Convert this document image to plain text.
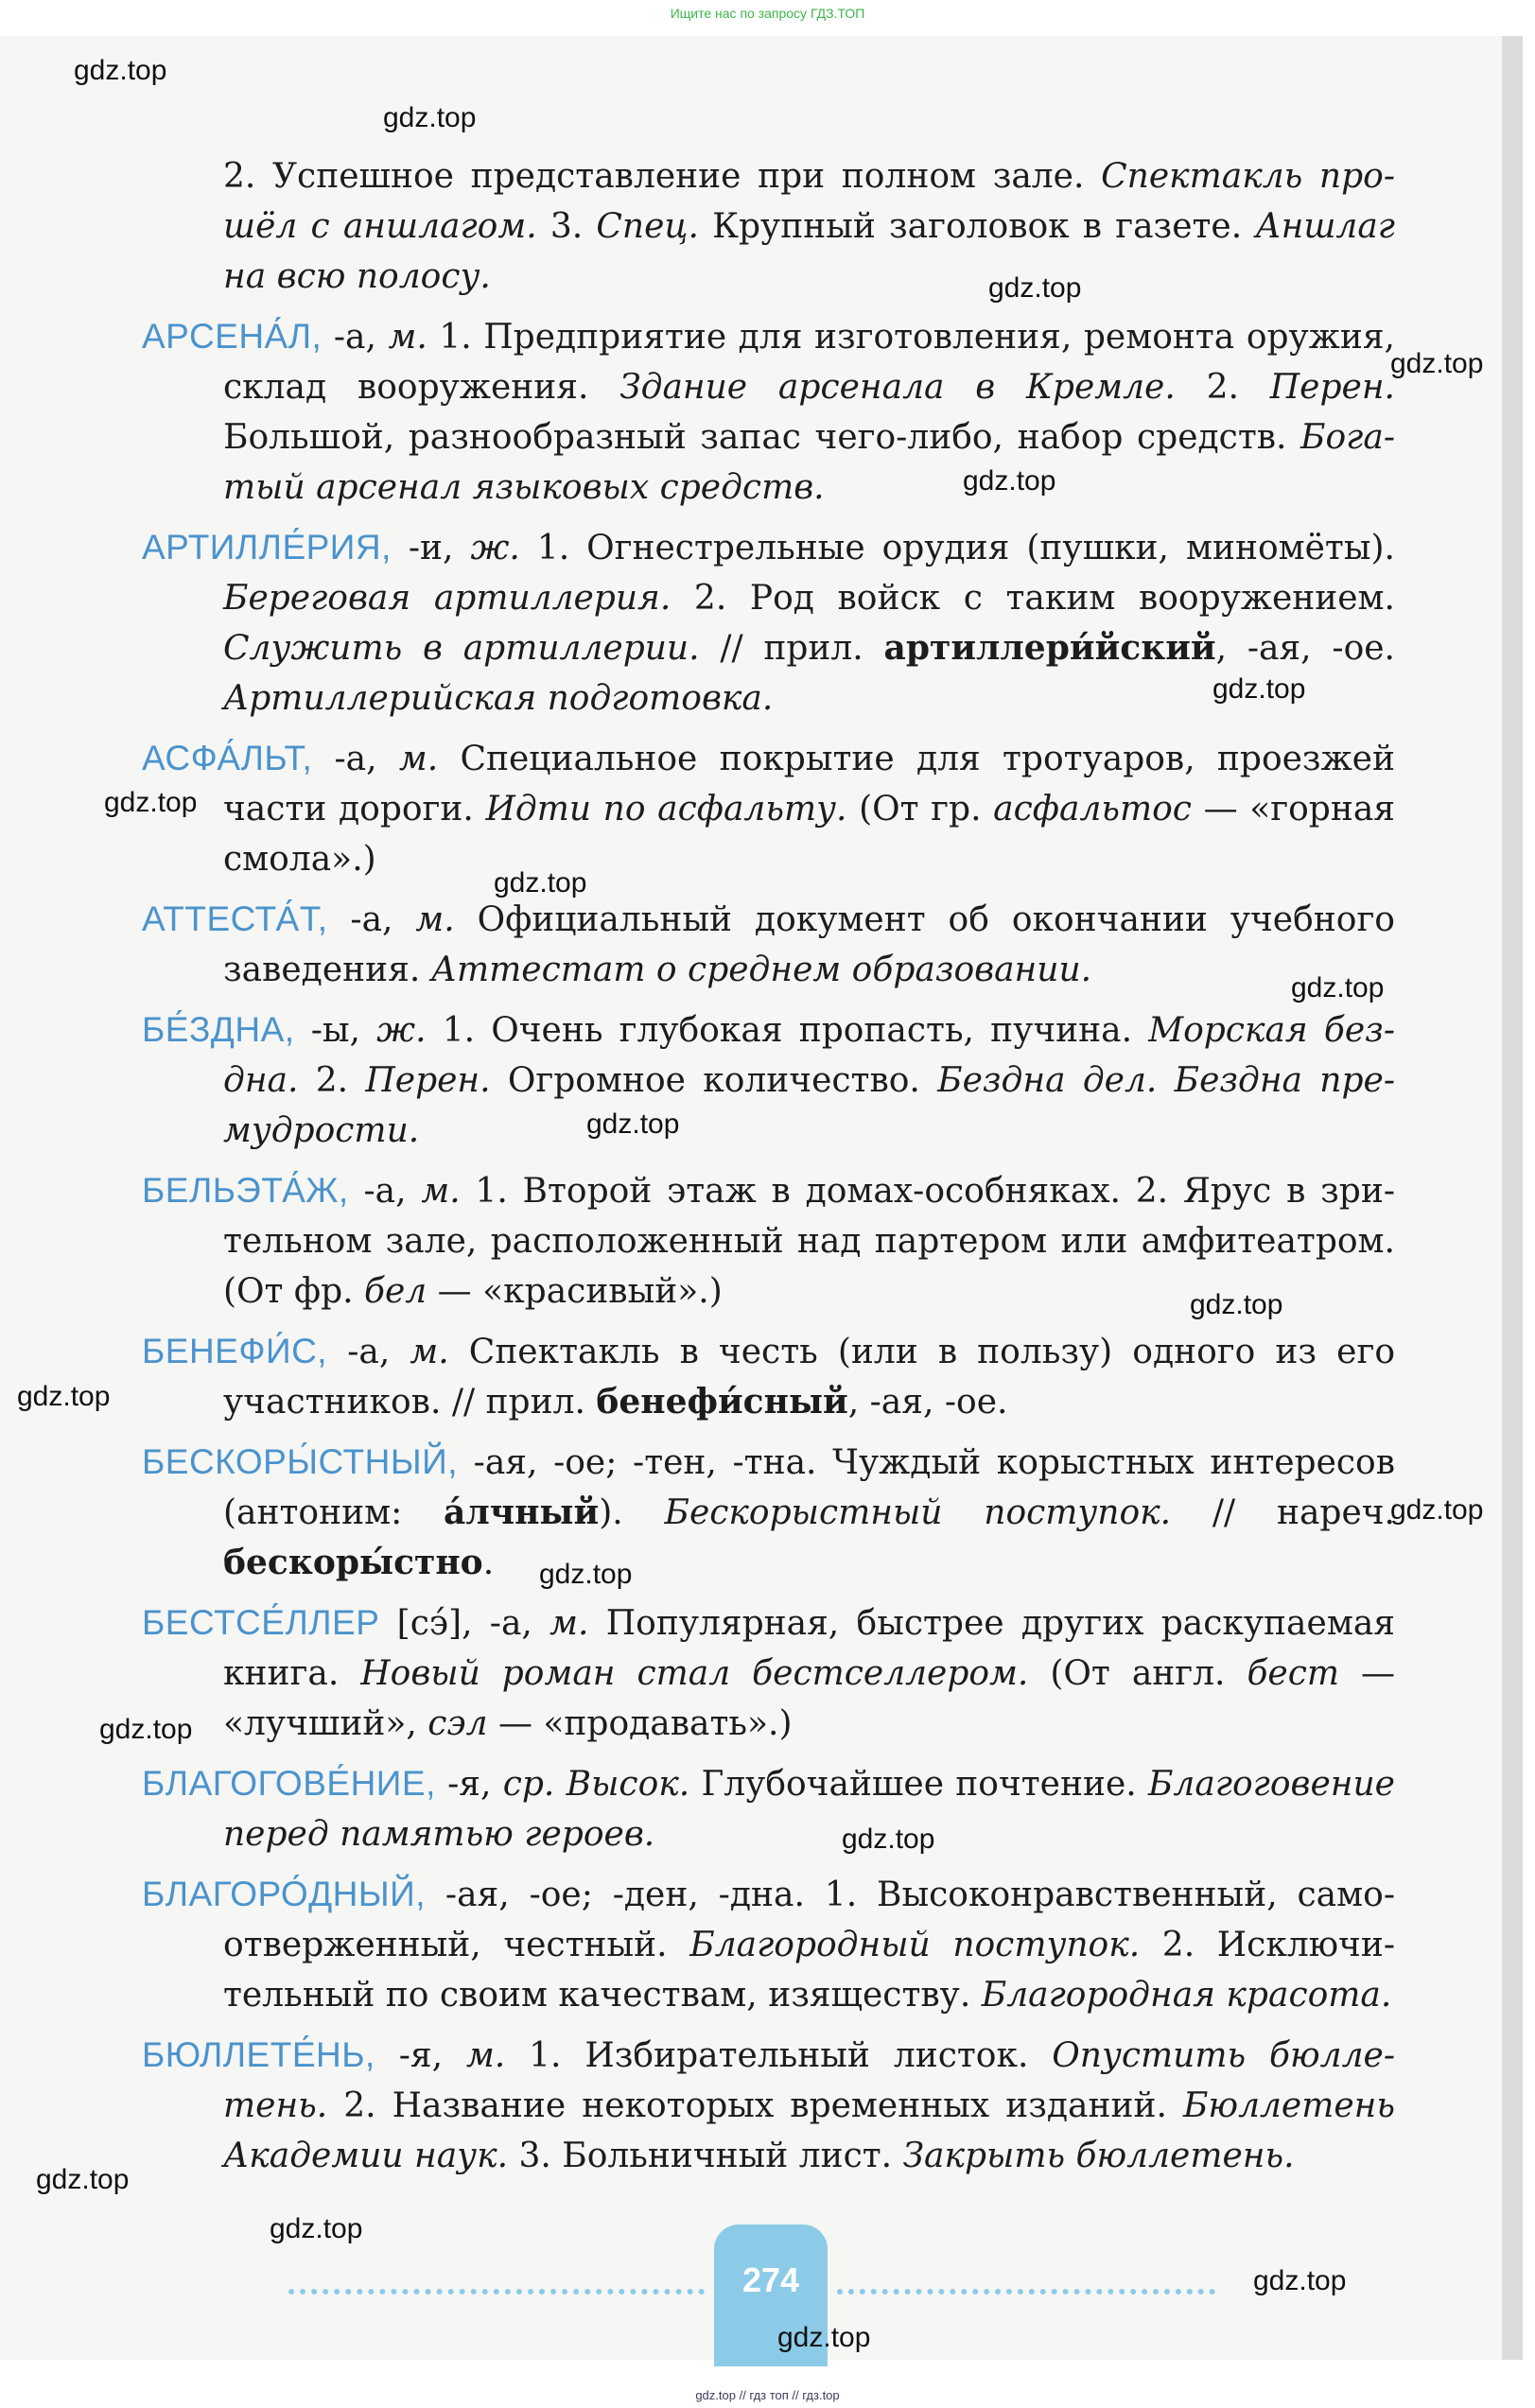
Ищите нас по запросу ГДЗ.ТОП
2. Успешное представление при полном зале. Спектакль прошёл с аншлагом. 3. Спец. Крупный заголовок в газете. Аншлаг на всю полосу.
АРСЕНА́Л, -а, м. 1. Предприятие для изготовления, ремонта оружия, склад вооружения. Здание арсенала в Кремле. 2. Перен. Большой, разнообразный запас чего-либо, набор средств. Богатый арсенал языковых средств.
АРТИЛЛЕ́РИЯ, -и, ж. 1. Огнестрельные орудия (пушки, миномёты). Береговая артиллерия. 2. Род войск с таким вооружением. Служить в артиллерии. // прил. артиллери́йский, -ая, -ое. Артиллерийская подготовка.
АСФА́ЛЬТ, -а, м. Специальное покрытие для тротуаров, проезжей части дороги. Идти по асфальту. (От гр. асфальтос — «горная смола».)
АТТЕСТА́Т, -а, м. Официальный документ об окончании учебного заведения. Аттестат о среднем образовании.
БЕ́ЗДНА, -ы, ж. 1. Очень глубокая пропасть, пучина. Морская бездна. 2. Перен. Огромное количество. Бездна дел. Бездна премудрости.
БЕЛЬЭТА́Ж, -а, м. 1. Второй этаж в домах-особняках. 2. Ярус в зрительном зале, расположенный над партером или амфитеатром. (От фр. бел — «красивый».)
БЕНЕФИ́С, -а, м. Спектакль в честь (или в пользу) одного из его участников. // прил. бенефи́сный, -ая, -ое.
БЕСКОРЫ́СТНЫЙ, -ая, -ое; -тен, -тна. Чуждый корыстных интересов (антоним: а́лчный). Бескорыстный поступок. // нареч. бескоры́стно.
БЕСТСЕ́ЛЛЕР [сэ́], -а, м. Популярная, быстрее других раскупаемая книга. Новый роман стал бестселлером. (От англ. бест — «лучший», сэл — «продавать».)
БЛАГОГОВЕ́НИЕ, -я, ср. Высок. Глубочайшее почтение. Благоговение перед памятью героев.
БЛАГОРО́ДНЫЙ, -ая, -ое; -ден, -дна. 1. Высоконравственный, самоотверженный, честный. Благородный поступок. 2. Исключительный по своим качествам, изяществу. Благородная красота.
БЮЛЛЕТЕ́НЬ, -я, м. 1. Избирательный листок. Опустить бюллетень. 2. Название некоторых временных изданий. Бюллетень Академии наук. 3. Больничный лист. Закрыть бюллетень.
274
gdz.top
gdz.top
gdz.top
gdz.top
gdz.top
gdz.top
gdz.top
gdz.top
gdz.top
gdz.top
gdz.top
gdz.top
gdz.top
gdz.top
gdz.top
gdz.top
gdz.top
gdz.top
gdz.top
gdz.top
gdz.top // гдз топ // гдз.top
